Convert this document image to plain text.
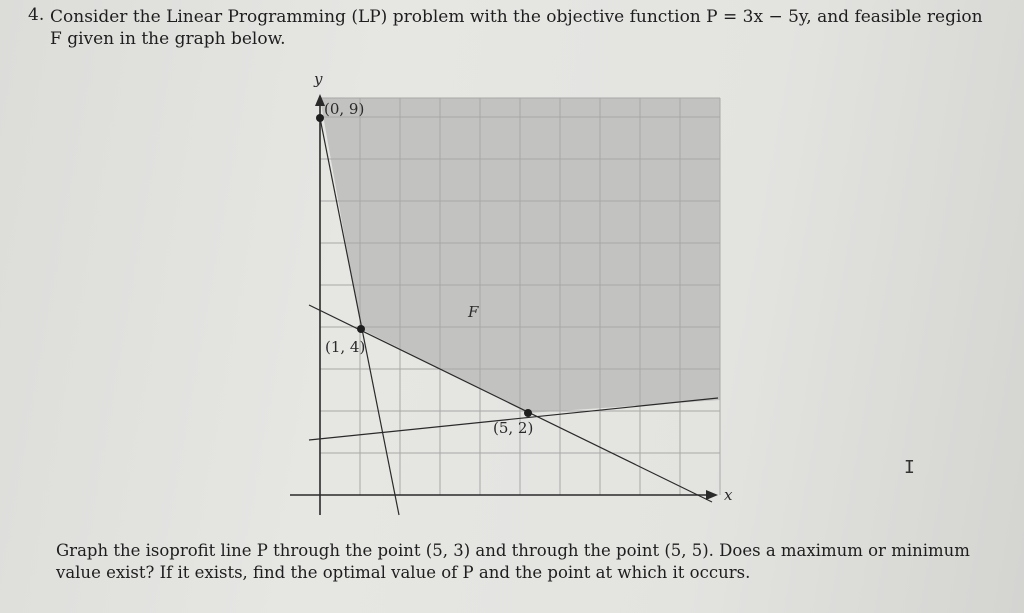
4. Consider the Linear Programming (LP) problem with the objective function P = 3x − 5y, and feasible region
F given in the graph below.
y
x
F
(0, 9)
(1, 4)
(5, 2)
Graph the isoprofit line P through the point (5, 3) and through the point (5, 5). Does a maximum or minimum
value exist? If it exists, find the optimal value of P and the point at which it occurs.
I
